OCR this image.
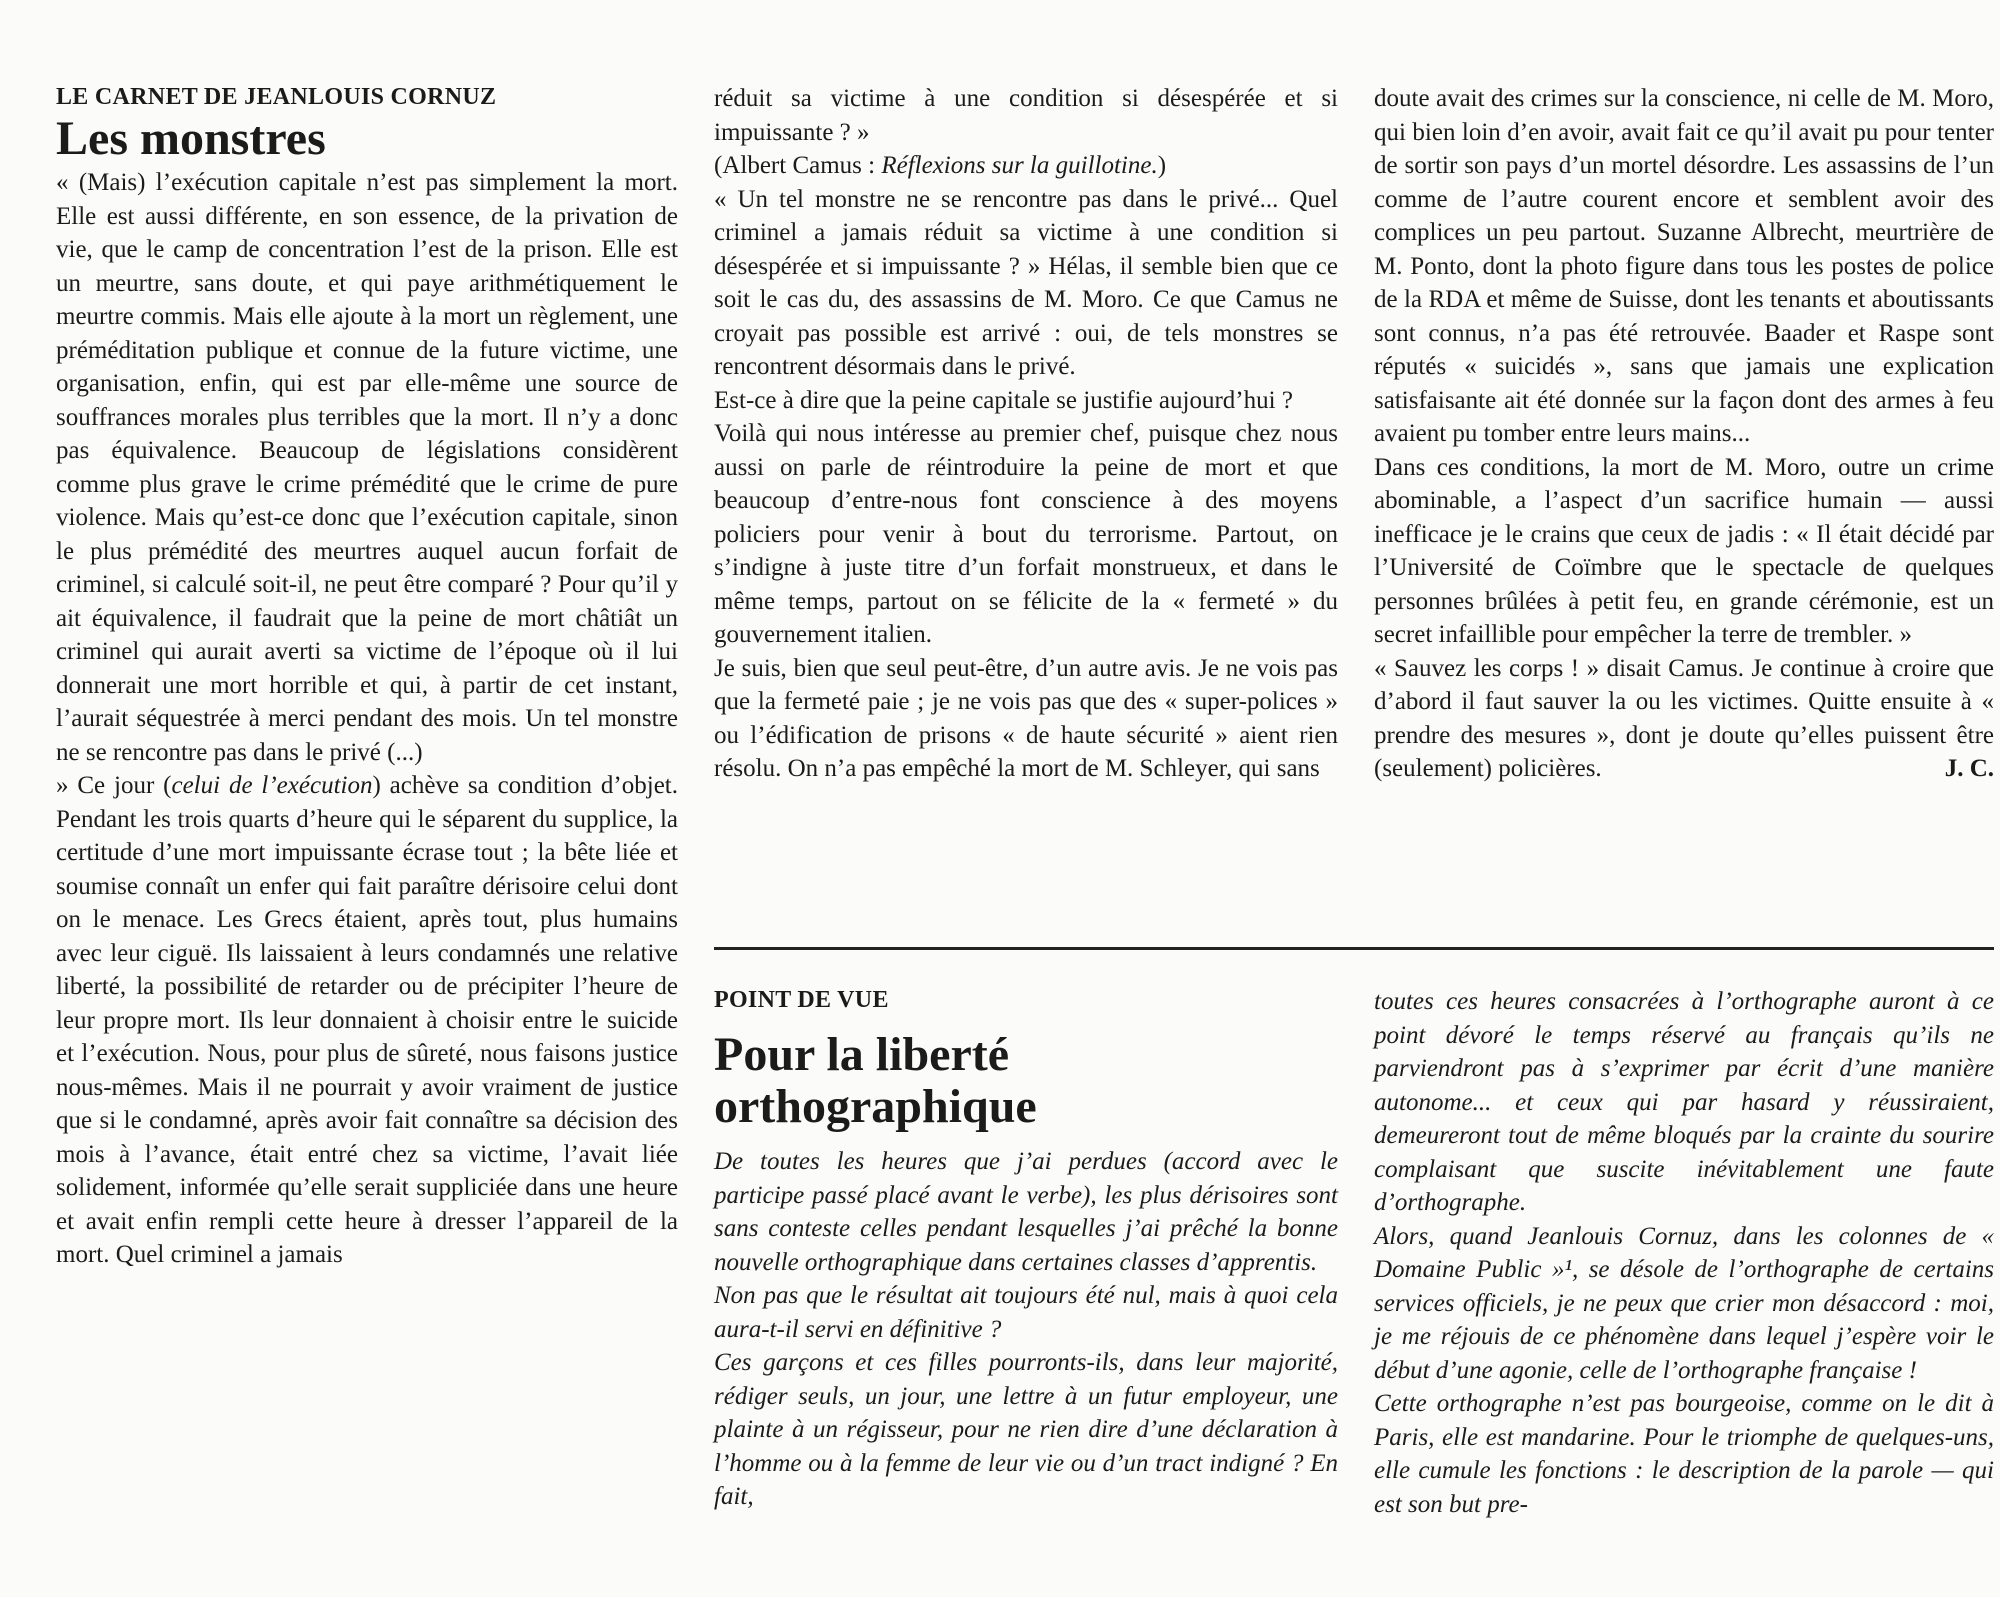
LE CARNET DE JEANLOUIS CORNUZ

Les monstres

« (Mais) l’exécution capitale n’est pas simplement la mort. Elle est aussi différente, en son essence, de la privation de vie, que le camp de concentration l’est de la prison. Elle est un meurtre, sans doute, et qui paye arithmétiquement le meurtre commis. Mais elle ajoute à la mort un règlement, une préméditation publique et connue de la future victime, une organisation, enfin, qui est par elle-même une source de souffrances morales plus terribles que la mort. Il n’y a donc pas équivalence. Beaucoup de législations considèrent comme plus grave le crime prémédité que le crime de pure violence. Mais qu’est-ce donc que l’exécution capitale, sinon le plus prémédité des meurtres auquel aucun forfait de criminel, si calculé soit-il, ne peut être comparé ? Pour qu’il y ait équivalence, il faudrait que la peine de mort châtiât un criminel qui aurait averti sa victime de l’époque où il lui donnerait une mort horrible et qui, à partir de cet instant, l’aurait séquestrée à merci pendant des mois. Un tel monstre ne se rencontre pas dans le privé (...)

» Ce jour (celui de l’exécution) achève sa condition d’objet. Pendant les trois quarts d’heure qui le séparent du supplice, la certitude d’une mort impuissante écrase tout ; la bête liée et soumise connaît un enfer qui fait paraître dérisoire celui dont on le menace. Les Grecs étaient, après tout, plus humains avec leur ciguë. Ils laissaient à leurs condamnés une relative liberté, la possibilité de retarder ou de précipiter l’heure de leur propre mort. Ils leur donnaient à choisir entre le suicide et l’exécution. Nous, pour plus de sûreté, nous faisons justice nous-mêmes. Mais il ne pourrait y avoir vraiment de justice que si le condamné, après avoir fait connaître sa décision des mois à l’avance, était entré chez sa victime, l’avait liée solidement, informée qu’elle serait suppliciée dans une heure et avait enfin rempli cette heure à dresser l’appareil de la mort. Quel criminel a jamais

réduit sa victime à une condition si désespérée et si impuissante ? »

(Albert Camus : Réflexions sur la guillotine.)

« Un tel monstre ne se rencontre pas dans le privé... Quel criminel a jamais réduit sa victime à une condition si désespérée et si impuissante ? » Hélas, il semble bien que ce soit le cas du, des assassins de M. Moro. Ce que Camus ne croyait pas possible est arrivé : oui, de tels monstres se rencontrent désormais dans le privé.

Est-ce à dire que la peine capitale se justifie aujourd’hui ?

Voilà qui nous intéresse au premier chef, puisque chez nous aussi on parle de réintroduire la peine de mort et que beaucoup d’entre-nous font conscience à des moyens policiers pour venir à bout du terrorisme. Partout, on s’indigne à juste titre d’un forfait monstrueux, et dans le même temps, partout on se félicite de la « fermeté » du gouvernement italien.

Je suis, bien que seul peut-être, d’un autre avis. Je ne vois pas que la fermeté paie ; je ne vois pas que des « super-polices » ou l’édification de prisons « de haute sécurité » aient rien résolu. On n’a pas empêché la mort de M. Schleyer, qui sans

doute avait des crimes sur la conscience, ni celle de M. Moro, qui bien loin d’en avoir, avait fait ce qu’il avait pu pour tenter de sortir son pays d’un mortel désordre. Les assassins de l’un comme de l’autre courent encore et semblent avoir des complices un peu partout. Suzanne Albrecht, meurtrière de M. Ponto, dont la photo figure dans tous les postes de police de la RDA et même de Suisse, dont les tenants et aboutissants sont connus, n’a pas été retrouvée. Baader et Raspe sont réputés « suicidés », sans que jamais une explication satisfaisante ait été donnée sur la façon dont des armes à feu avaient pu tomber entre leurs mains...

Dans ces conditions, la mort de M. Moro, outre un crime abominable, a l’aspect d’un sacrifice humain — aussi inefficace je le crains que ceux de jadis : « Il était décidé par l’Université de Coïmbre que le spectacle de quelques personnes brûlées à petit feu, en grande cérémonie, est un secret infaillible pour empêcher la terre de trembler. »

« Sauvez les corps ! » disait Camus. Je continue à croire que d’abord il faut sauver la ou les victimes. Quitte ensuite à « prendre des mesures », dont je doute qu’elles puissent être (seulement) policières.	J. C.

POINT DE VUE

Pour la liberté
orthographique

De toutes les heures que j’ai perdues (accord avec le participe passé placé avant le verbe), les plus dérisoires sont sans conteste celles pendant lesquelles j’ai prêché la bonne nouvelle orthographique dans certaines classes d’apprentis.

Non pas que le résultat ait toujours été nul, mais à quoi cela aura-t-il servi en définitive ?

Ces garçons et ces filles pourronts-ils, dans leur majorité, rédiger seuls, un jour, une lettre à un futur employeur, une plainte à un régisseur, pour ne rien dire d’une déclaration à l’homme ou à la femme de leur vie ou d’un tract indigné ? En fait,

toutes ces heures consacrées à l’orthographe auront à ce point dévoré le temps réservé au français qu’ils ne parviendront pas à s’exprimer par écrit d’une manière autonome... et ceux qui par hasard y réussiraient, demeureront tout de même bloqués par la crainte du sourire complaisant que suscite inévitablement une faute d’orthographe.

Alors, quand Jeanlouis Cornuz, dans les colonnes de « Domaine Public »¹, se désole de l’orthographe de certains services officiels, je ne peux que crier mon désaccord : moi, je me réjouis de ce phénomène dans lequel j’espère voir le début d’une agonie, celle de l’orthographe française !

Cette orthographe n’est pas bourgeoise, comme on le dit à Paris, elle est mandarine. Pour le triomphe de quelques-uns, elle cumule les fonctions : le description de la parole — qui est son but pre-
